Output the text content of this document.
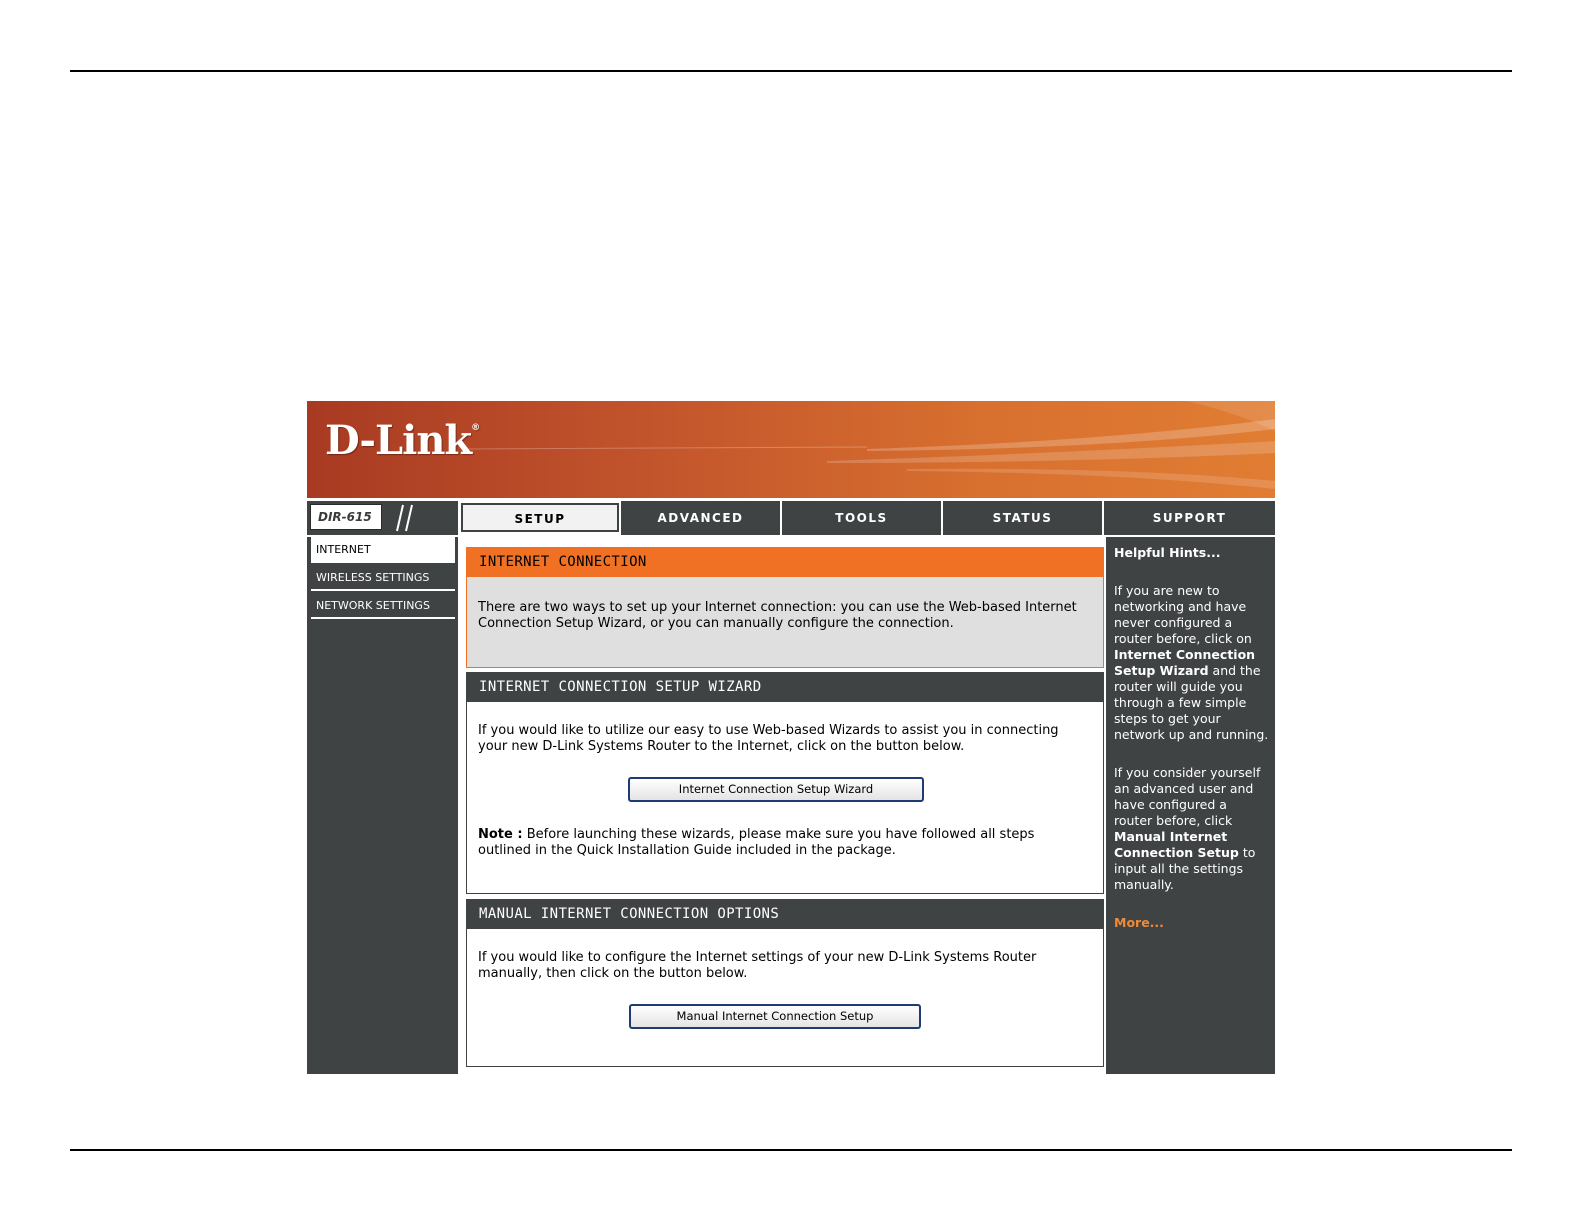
D-Link®
DIR-615	SETUP	ADVANCED	TOOLS	STATUS	SUPPORT
INTERNET
WIRELESS SETTINGS
NETWORK SETTINGS
INTERNET CONNECTION
There are two ways to set up your Internet connection: you can use the Web-based Internet Connection Setup Wizard, or you can manually configure the connection.
INTERNET CONNECTION SETUP WIZARD
If you would like to utilize our easy to use Web-based Wizards to assist you in connecting your new D-Link Systems Router to the Internet, click on the button below.
Internet Connection Setup Wizard
Note : Before launching these wizards, please make sure you have followed all steps outlined in the Quick Installation Guide included in the package.
MANUAL INTERNET CONNECTION OPTIONS
If you would like to configure the Internet settings of your new D-Link Systems Router manually, then click on the button below.
Manual Internet Connection Setup
Helpful Hints...

If you are new to networking and have never configured a router before, click on Internet Connection Setup Wizard and the router will guide you through a few simple steps to get your network up and running.

If you consider yourself an advanced user and have configured a router before, click Manual Internet Connection Setup to input all the settings manually.

More...
